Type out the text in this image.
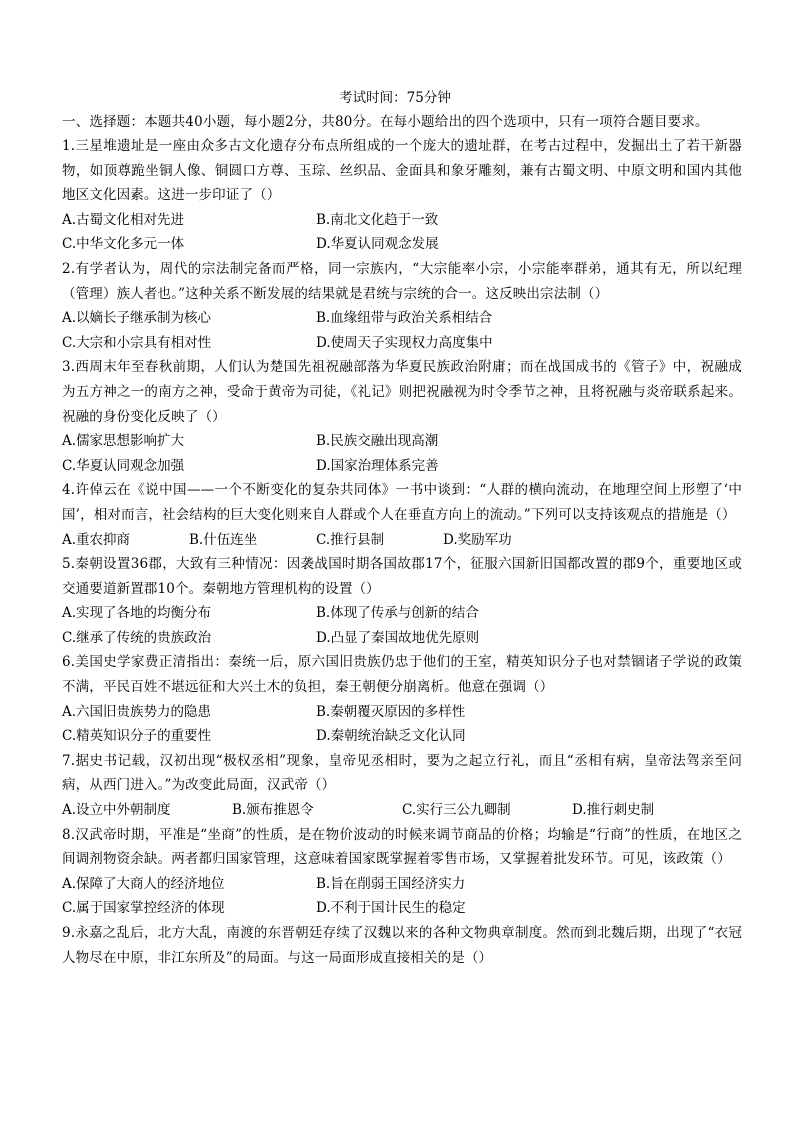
考试时间：75分钟
一、选择题：本题共40小题，每小题2分，共80分。在每小题给出的四个选项中，只有一项符合题目要求。
1.三星堆遗址是一座由众多古文化遗存分布点所组成的一个庞大的遗址群，在考古过程中，发掘出土了若干新器物，如顶尊跪坐铜人像、铜圆口方尊、玉琮、丝织品、金面具和象牙雕刻，兼有古蜀文明、中原文明和国内其他地区文化因素。这进一步印证了（）
A.古蜀文化相对先进	B.南北文化趋于一致
C.中华文化多元一体	D.华夏认同观念发展
2.有学者认为，周代的宗法制完备而严格，同一宗族内，“大宗能率小宗，小宗能率群弟，通其有无，所以纪理（管理）族人者也。”这种关系不断发展的结果就是君统与宗统的合一。这反映出宗法制（）
A.以嫡长子继承制为核心	B.血缘纽带与政治关系相结合
C.大宗和小宗具有相对性	D.使周天子实现权力高度集中
3.西周末年至春秋前期，人们认为楚国先祖祝融部落为华夏民族政治附庸；而在战国成书的《管子》中，祝融成为五方神之一的南方之神，受命于黄帝为司徒，《礼记》则把祝融视为时令季节之神，且将祝融与炎帝联系起来。祝融的身份变化反映了（）
A.儒家思想影响扩大	B.民族交融出现高潮
C.华夏认同观念加强	D.国家治理体系完善
4.许倬云在《说中国——一个不断变化的复杂共同体》一书中谈到：“人群的横向流动，在地理空间上形塑了‘中国’，相对而言，社会结构的巨大变化则来自人群或个人在垂直方向上的流动。”下列可以支持该观点的措施是（）
A.重农抑商	B.什伍连坐	C.推行县制	D.奖励军功
5.秦朝设置36郡，大致有三种情况：因袭战国时期各国故郡17个，征服六国新旧国都改置的郡9个，重要地区或交通要道新置郡10个。秦朝地方管理机构的设置（）
A.实现了各地的均衡分布	B.体现了传承与创新的结合
C.继承了传统的贵族政治	D.凸显了秦国故地优先原则
6.美国史学家费正清指出：秦统一后，原六国旧贵族仍忠于他们的王室，精英知识分子也对禁锢诸子学说的政策不满，平民百姓不堪远征和大兴土木的负担，秦王朝便分崩离析。他意在强调（）
A.六国旧贵族势力的隐患	B.秦朝覆灭原因的多样性
C.精英知识分子的重要性	D.秦朝统治缺乏文化认同
7.据史书记载，汉初出现“极权丞相”现象，皇帝见丞相时，要为之起立行礼，而且“丞相有病，皇帝法驾亲至问病，从西门进入。”为改变此局面，汉武帝（）
A.设立中外朝制度	B.颁布推恩令	C.实行三公九卿制	D.推行刺史制
8.汉武帝时期，平准是“坐商”的性质，是在物价波动的时候来调节商品的价格；均输是“行商”的性质，在地区之间调剂物资余缺。两者都归国家管理，这意味着国家既掌握着零售市场，又掌握着批发环节。可见，该政策（）
A.保障了大商人的经济地位	B.旨在削弱王国经济实力
C.属于国家掌控经济的体现	D.不利于国计民生的稳定
9.永嘉之乱后，北方大乱，南渡的东晋朝廷存续了汉魏以来的各种文物典章制度。然而到北魏后期，出现了“衣冠人物尽在中原，非江东所及”的局面。与这一局面形成直接相关的是（）
